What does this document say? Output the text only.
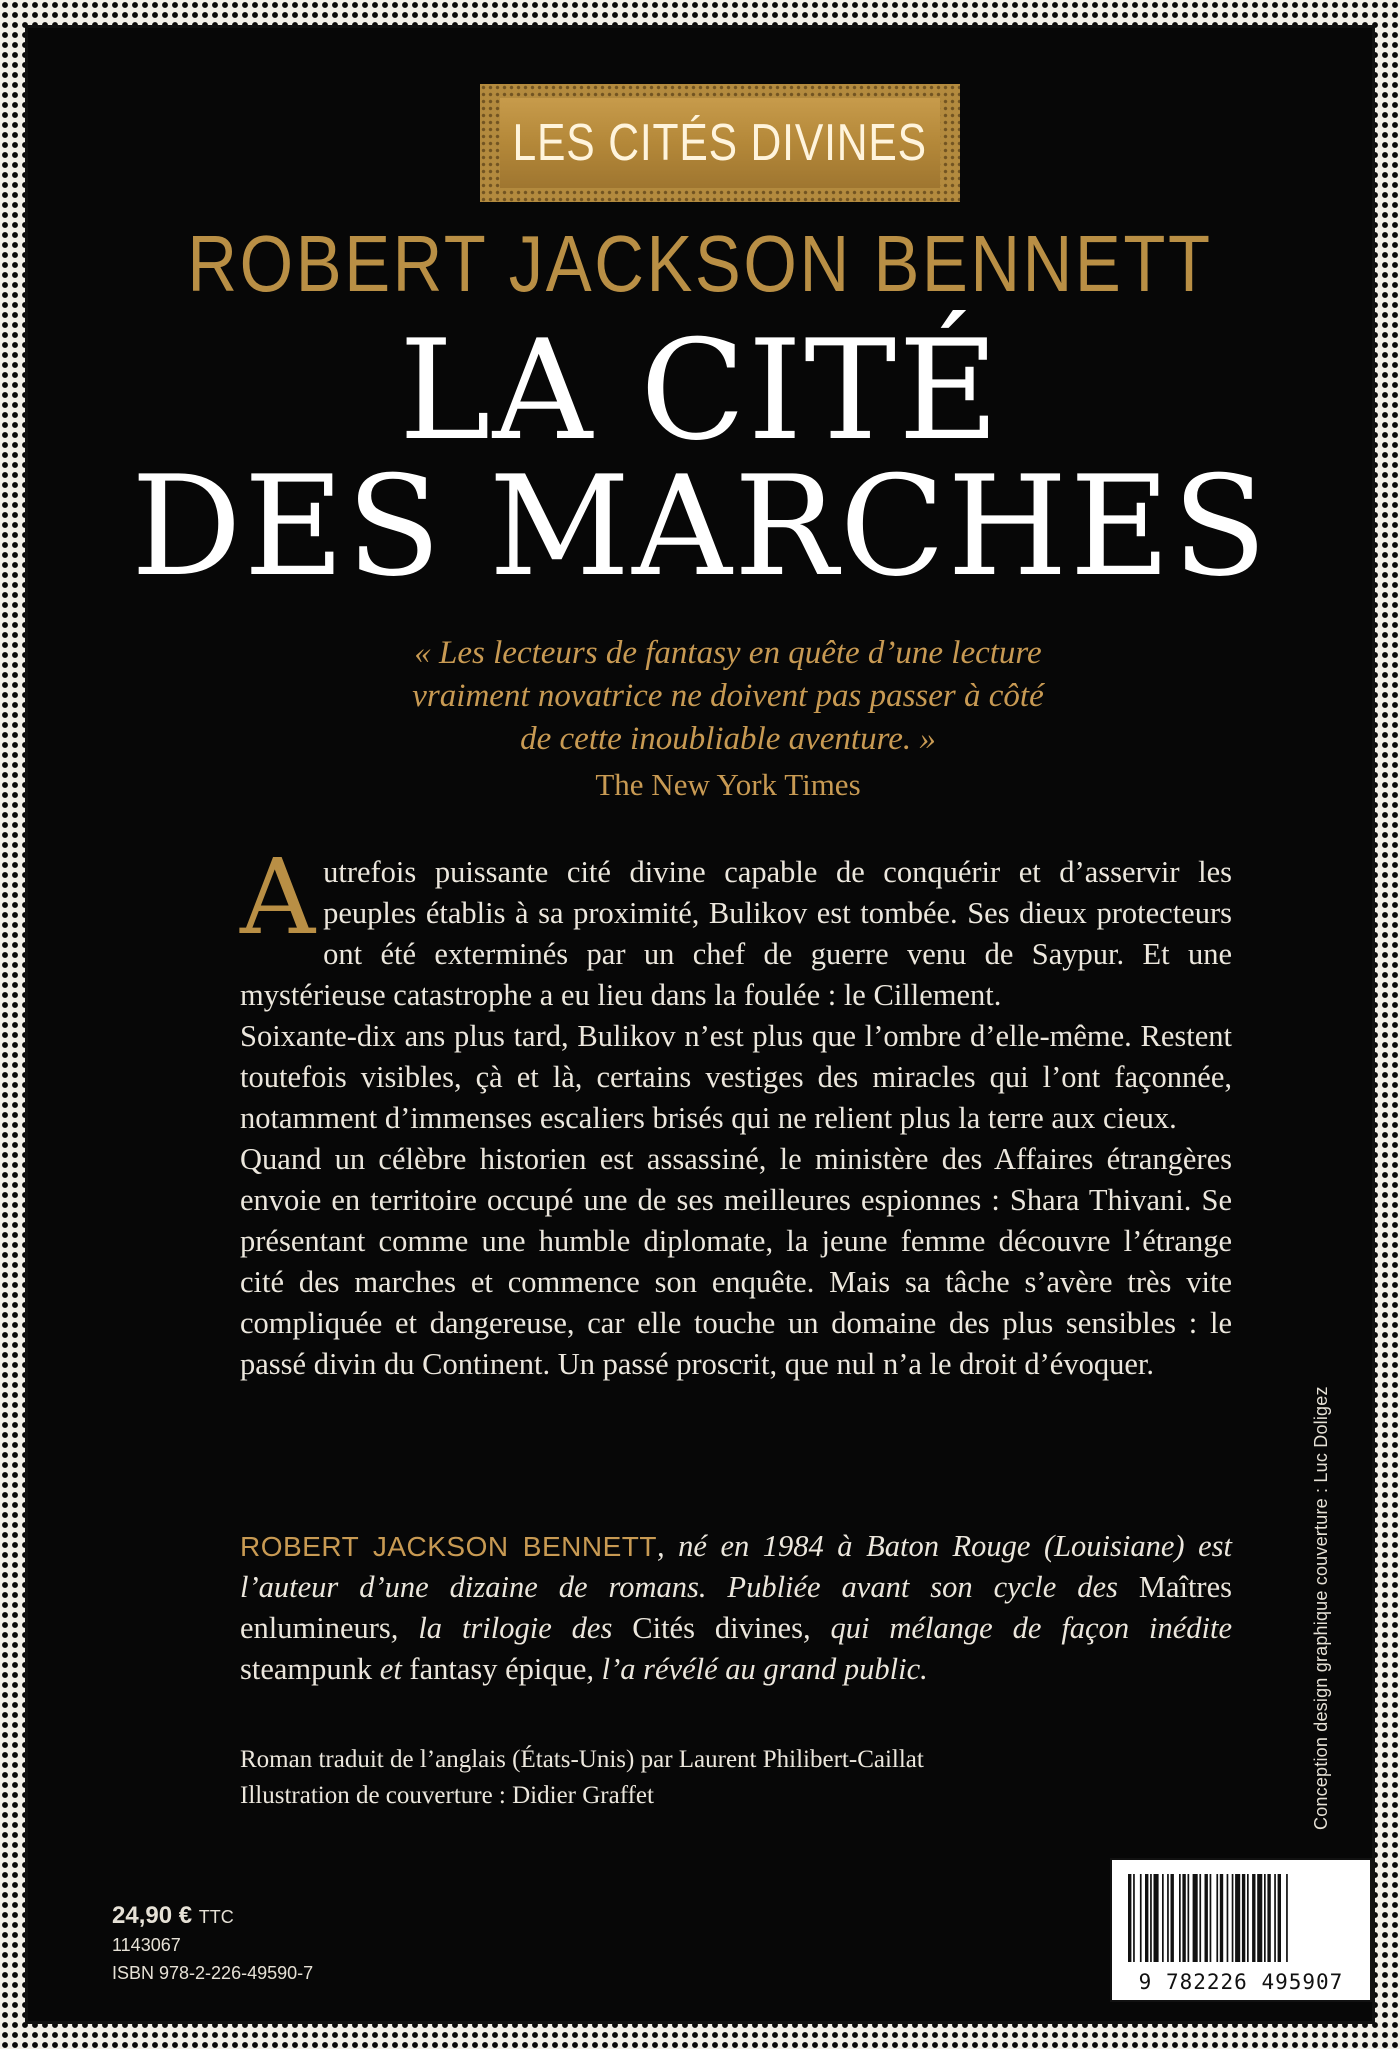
LES CITÉS DIVINES
ROBERT JACKSON BENNETT
LA CITÉ
DES MARCHES
« Les lecteurs de fantasy en quête d’une lecture
vraiment novatrice ne doivent pas passer à côté
de cette inoubliable aventure. »
The New York Times

Autrefois puissante cité divine capable de conquérir et d’asservir les peuples établis à sa proximité, Bulikov est tombée. Ses dieux protecteurs ont été exterminés par un chef de guerre venu de Saypur. Et une mystérieuse catastrophe a eu lieu dans la foulée : le Cillement.

Soixante-dix ans plus tard, Bulikov n’est plus que l’ombre d’elle-même. Restent toutefois visibles, çà et là, certains vestiges des miracles qui l’ont façonnée, notamment d’immenses escaliers brisés qui ne relient plus la terre aux cieux.

Quand un célèbre historien est assassiné, le ministère des Affaires étrangères envoie en territoire occupé une de ses meilleures espionnes : Shara Thivani. Se présentant comme une humble diplomate, la jeune femme découvre l’étrange cité des marches et commence son enquête. Mais sa tâche s’avère très vite compliquée et dangereuse, car elle touche un domaine des plus sensibles : le passé divin du Continent. Un passé proscrit, que nul n’a le droit d’évoquer.

ROBERT JACKSON BENNETT, né en 1984 à Baton Rouge (Louisiane) est l’auteur d’une dizaine de romans. Publiée avant son cycle des Maîtres enlumineurs, la trilogie des Cités divines, qui mélange de façon inédite steampunk et fantasy épique, l’a révélé au grand public.
Roman traduit de l’anglais (États-Unis) par Laurent Philibert-Caillat
Illustration de couverture : Didier Graffet	Conception design graphique couverture : Luc Doligez
24,90 € TTC
1143067
ISBN 978-2-226-49590-7	9 782226 495907
